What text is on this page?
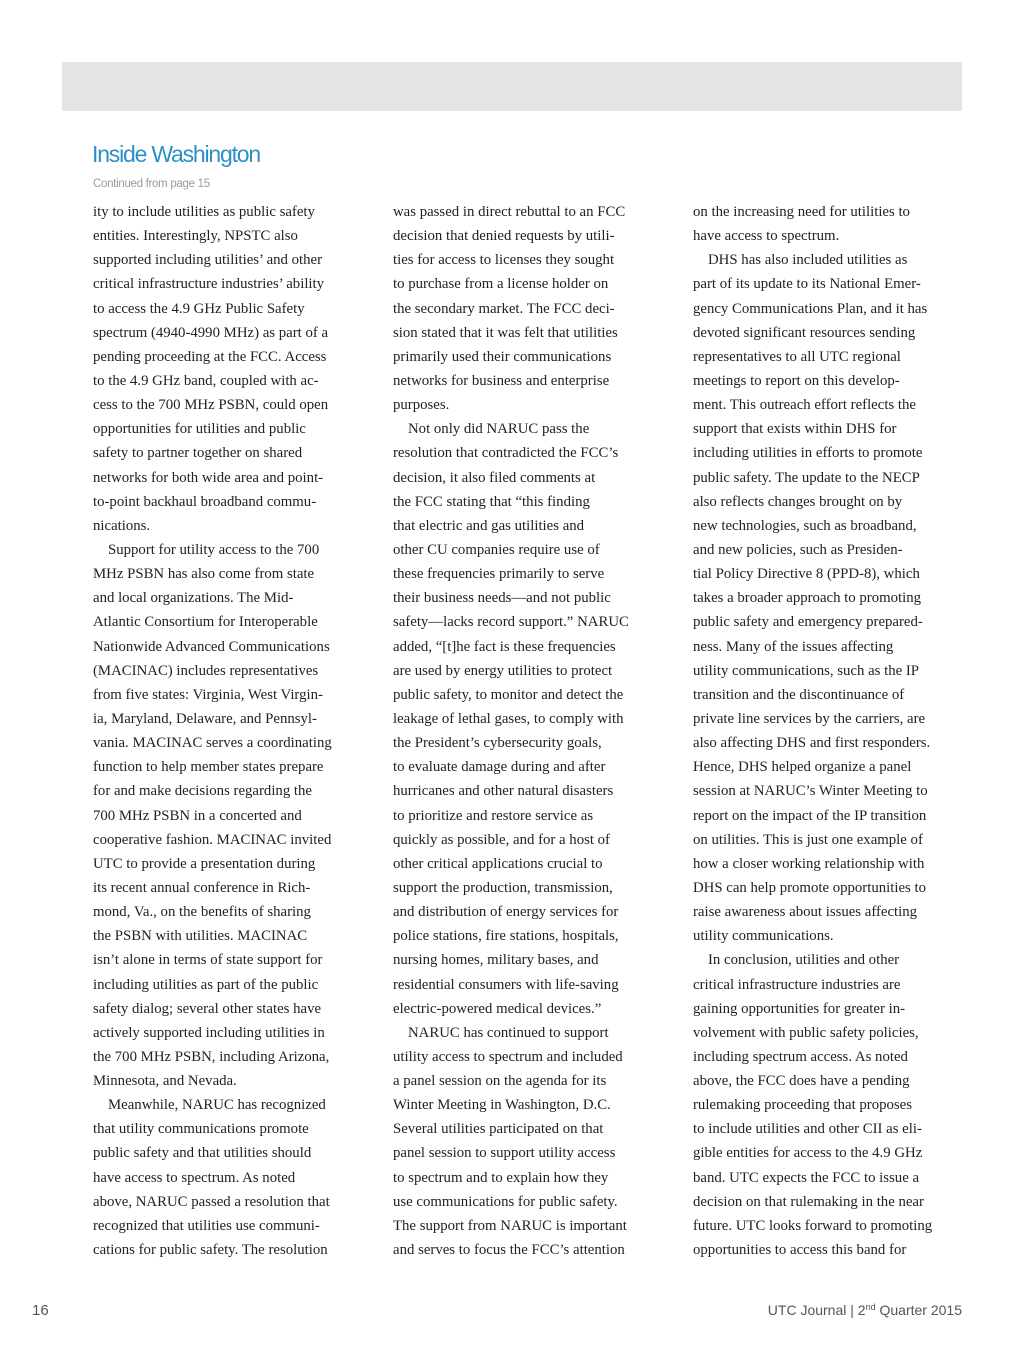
Inside Washington
Continued from page 15
ity to include utilities as public safety
entities. Interestingly, NPSTC also
supported including utilities’ and other
critical infrastructure industries’ ability
to access the 4.9 GHz Public Safety
spectrum (4940-4990 MHz) as part of a
pending proceeding at the FCC. Access
to the 4.9 GHz band, coupled with ac-
cess to the 700 MHz PSBN, could open
opportunities for utilities and public
safety to partner together on shared
networks for both wide area and point-
to-point backhaul broadband commu-
nications.
Support for utility access to the 700
MHz PSBN has also come from state
and local organizations. The Mid-
Atlantic Consortium for Interoperable
Nationwide Advanced Communications
(MACINAC) includes representatives
from five states: Virginia, West Virgin-
ia, Maryland, Delaware, and Pennsyl-
vania. MACINAC serves a coordinating
function to help member states prepare
for and make decisions regarding the
700 MHz PSBN in a concerted and
cooperative fashion. MACINAC invited
UTC to provide a presentation during
its recent annual conference in Rich-
mond, Va., on the benefits of sharing
the PSBN with utilities. MACINAC
isn’t alone in terms of state support for
including utilities as part of the public
safety dialog; several other states have
actively supported including utilities in
the 700 MHz PSBN, including Arizona,
Minnesota, and Nevada.
Meanwhile, NARUC has recognized
that utility communications promote
public safety and that utilities should
have access to spectrum. As noted
above, NARUC passed a resolution that
recognized that utilities use communi-
cations for public safety. The resolution
was passed in direct rebuttal to an FCC
decision that denied requests by utili-
ties for access to licenses they sought
to purchase from a license holder on
the secondary market. The FCC deci-
sion stated that it was felt that utilities
primarily used their communications
networks for business and enterprise
purposes.
Not only did NARUC pass the
resolution that contradicted the FCC’s
decision, it also filed comments at
the FCC stating that “this finding
that electric and gas utilities and
other CU companies require use of
these frequencies primarily to serve
their business needs—and not public
safety—lacks record support.” NARUC
added, “[t]he fact is these frequencies
are used by energy utilities to protect
public safety, to monitor and detect the
leakage of lethal gases, to comply with
the President’s cybersecurity goals,
to evaluate damage during and after
hurricanes and other natural disasters
to prioritize and restore service as
quickly as possible, and for a host of
other critical applications crucial to
support the production, transmission,
and distribution of energy services for
police stations, fire stations, hospitals,
nursing homes, military bases, and
residential consumers with life-saving
electric-powered medical devices.”
NARUC has continued to support
utility access to spectrum and included
a panel session on the agenda for its
Winter Meeting in Washington, D.C.
Several utilities participated on that
panel session to support utility access
to spectrum and to explain how they
use communications for public safety.
The support from NARUC is important
and serves to focus the FCC’s attention
on the increasing need for utilities to
have access to spectrum.
DHS has also included utilities as
part of its update to its National Emer-
gency Communications Plan, and it has
devoted significant resources sending
representatives to all UTC regional
meetings to report on this develop-
ment. This outreach effort reflects the
support that exists within DHS for
including utilities in efforts to promote
public safety. The update to the NECP
also reflects changes brought on by
new technologies, such as broadband,
and new policies, such as Presiden-
tial Policy Directive 8 (PPD-8), which
takes a broader approach to promoting
public safety and emergency prepared-
ness. Many of the issues affecting
utility communications, such as the IP
transition and the discontinuance of
private line services by the carriers, are
also affecting DHS and first responders.
Hence, DHS helped organize a panel
session at NARUC’s Winter Meeting to
report on the impact of the IP transition
on utilities. This is just one example of
how a closer working relationship with
DHS can help promote opportunities to
raise awareness about issues affecting
utility communications.
In conclusion, utilities and other
critical infrastructure industries are
gaining opportunities for greater in-
volvement with public safety policies,
including spectrum access. As noted
above, the FCC does have a pending
rulemaking proceeding that proposes
to include utilities and other CII as eli-
gible entities for access to the 4.9 GHz
band. UTC expects the FCC to issue a
decision on that rulemaking in the near
future. UTC looks forward to promoting
opportunities to access this band for
16	UTC Journal | 2nd Quarter 2015
